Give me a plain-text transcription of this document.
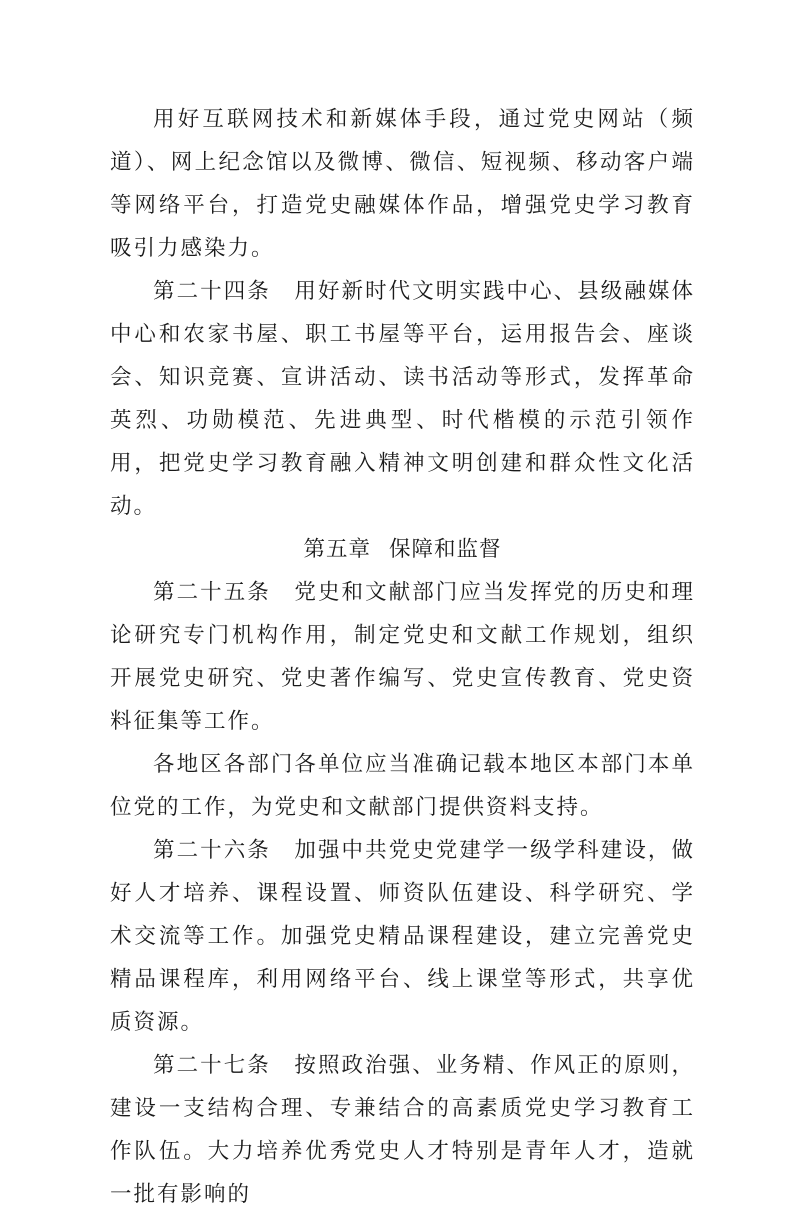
用好互联网技术和新媒体手段，通过党史网站（频道）、网上纪念馆以及微博、微信、短视频、移动客户端等网络平台，打造党史融媒体作品，增强党史学习教育吸引力感染力。

第二十四条　用好新时代文明实践中心、县级融媒体中心和农家书屋、职工书屋等平台，运用报告会、座谈会、知识竞赛、宣讲活动、读书活动等形式，发挥革命英烈、功勋模范、先进典型、时代楷模的示范引领作用，把党史学习教育融入精神文明创建和群众性文化活动。

第五章 保障和监督

第二十五条　党史和文献部门应当发挥党的历史和理论研究专门机构作用，制定党史和文献工作规划，组织开展党史研究、党史著作编写、党史宣传教育、党史资料征集等工作。

各地区各部门各单位应当准确记载本地区本部门本单位党的工作，为党史和文献部门提供资料支持。

第二十六条　加强中共党史党建学一级学科建设，做好人才培养、课程设置、师资队伍建设、科学研究、学术交流等工作。加强党史精品课程建设，建立完善党史精品课程库，利用网络平台、线上课堂等形式，共享优质资源。

第二十七条　按照政治强、业务精、作风正的原则，建设一支结构合理、专兼结合的高素质党史学习教育工作队伍。大力培养优秀党史人才特别是青年人才，造就一批有影响的
